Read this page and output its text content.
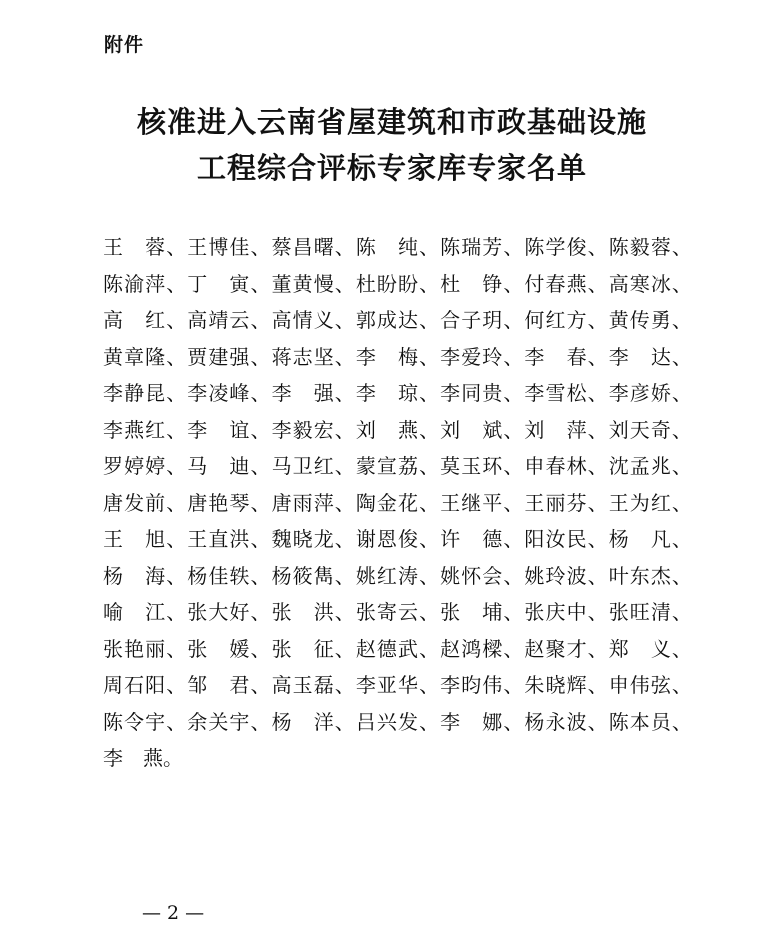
附件
核准进入云南省屋建筑和市政基础设施
工程综合评标专家库专家名单
王　蓉、王博佳、蔡昌曙、陈　纯、陈瑞芳、陈学俊、陈毅蓉、
陈渝萍、丁　寅、董黄慢、杜盼盼、杜　铮、付春燕、高寒冰、
高　红、高靖云、高情义、郭成达、合子玥、何红方、黄传勇、
黄章隆、贾建强、蒋志坚、李　梅、李爱玲、李　春、李　达、
李静昆、李凌峰、李　强、李　琼、李同贵、李雪松、李彦娇、
李燕红、李　谊、李毅宏、刘　燕、刘　斌、刘　萍、刘天奇、
罗婷婷、马　迪、马卫红、蒙宣荔、莫玉环、申春林、沈孟兆、
唐发前、唐艳琴、唐雨萍、陶金花、王继平、王丽芬、王为红、
王　旭、王直洪、魏晓龙、谢恩俊、许　德、阳汝民、杨　凡、
杨　海、杨佳轶、杨筱雋、姚红涛、姚怀会、姚玲波、叶东杰、
喻　江、张大好、张　洪、张寄云、张　埔、张庆中、张旺清、
张艳丽、张　媛、张　征、赵德武、赵鸿樑、赵聚才、郑　义、
周石阳、邹　君、高玉磊、李亚华、李昀伟、朱晓辉、申伟弦、
陈令宇、余关宇、杨　洋、吕兴发、李　娜、杨永波、陈本员、
李　燕。
— 2 —
